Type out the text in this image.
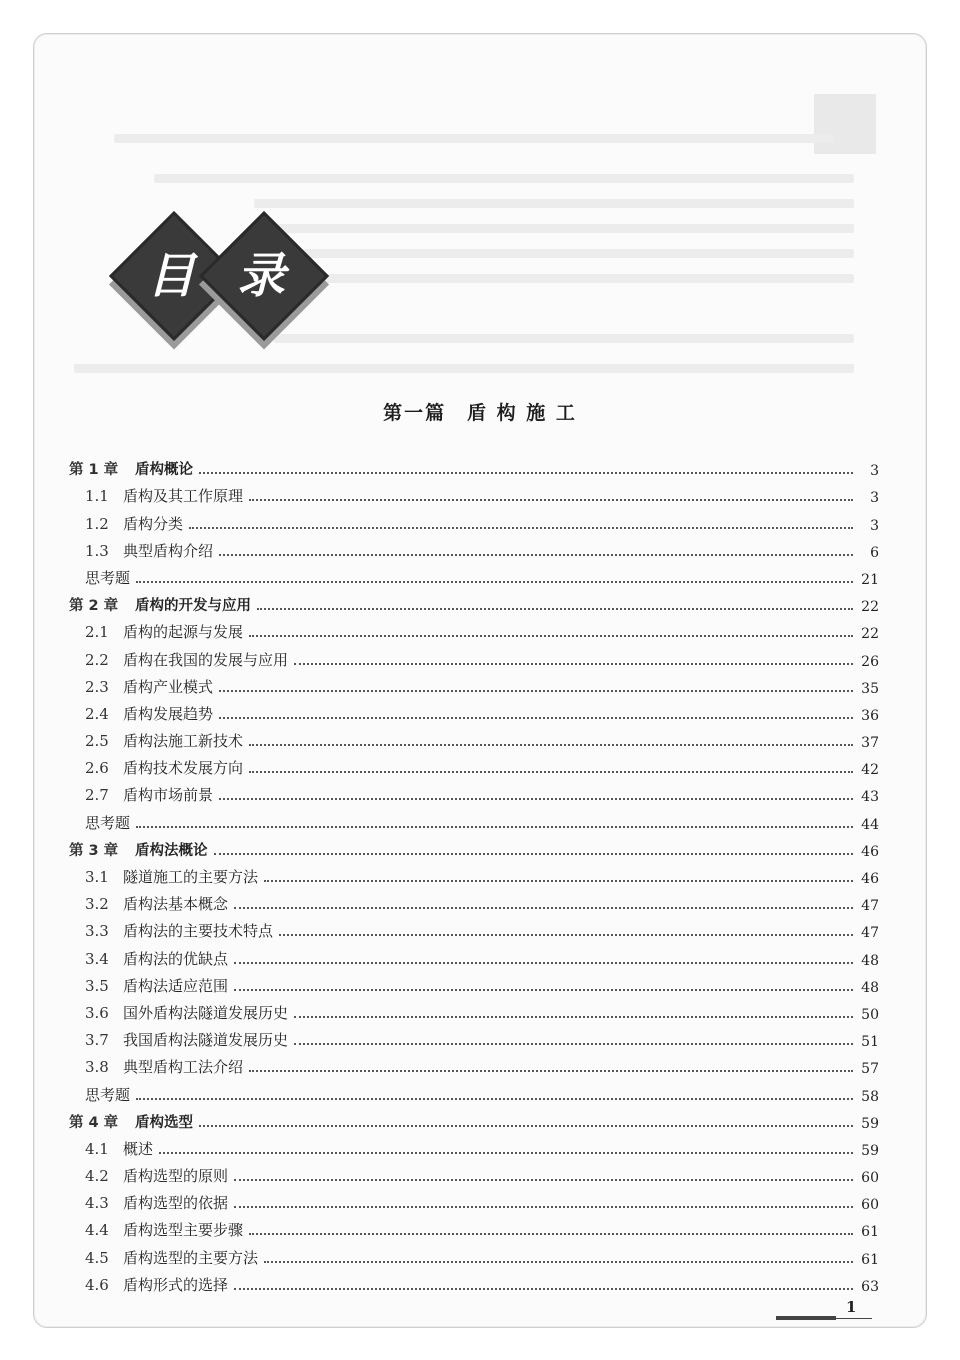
目 录
第一篇　盾 构 施 工
第 1 章 盾构概论	3
1.1 盾构及其工作原理	3
1.2 盾构分类	3
1.3 典型盾构介绍	6
思考题	21
第 2 章 盾构的开发与应用	22
2.1 盾构的起源与发展	22
2.2 盾构在我国的发展与应用	26
2.3 盾构产业模式	35
2.4 盾构发展趋势	36
2.5 盾构法施工新技术	37
2.6 盾构技术发展方向	42
2.7 盾构市场前景	43
思考题	44
第 3 章 盾构法概论	46
3.1 隧道施工的主要方法	46
3.2 盾构法基本概念	47
3.3 盾构法的主要技术特点	47
3.4 盾构法的优缺点	48
3.5 盾构法适应范围	48
3.6 国外盾构法隧道发展历史	50
3.7 我国盾构法隧道发展历史	51
3.8 典型盾构工法介绍	57
思考题	58
第 4 章 盾构选型	59
4.1 概述	59
4.2 盾构选型的原则	60
4.3 盾构选型的依据	60
4.4 盾构选型主要步骤	61
4.5 盾构选型的主要方法	61
4.6 盾构形式的选择	63
1
